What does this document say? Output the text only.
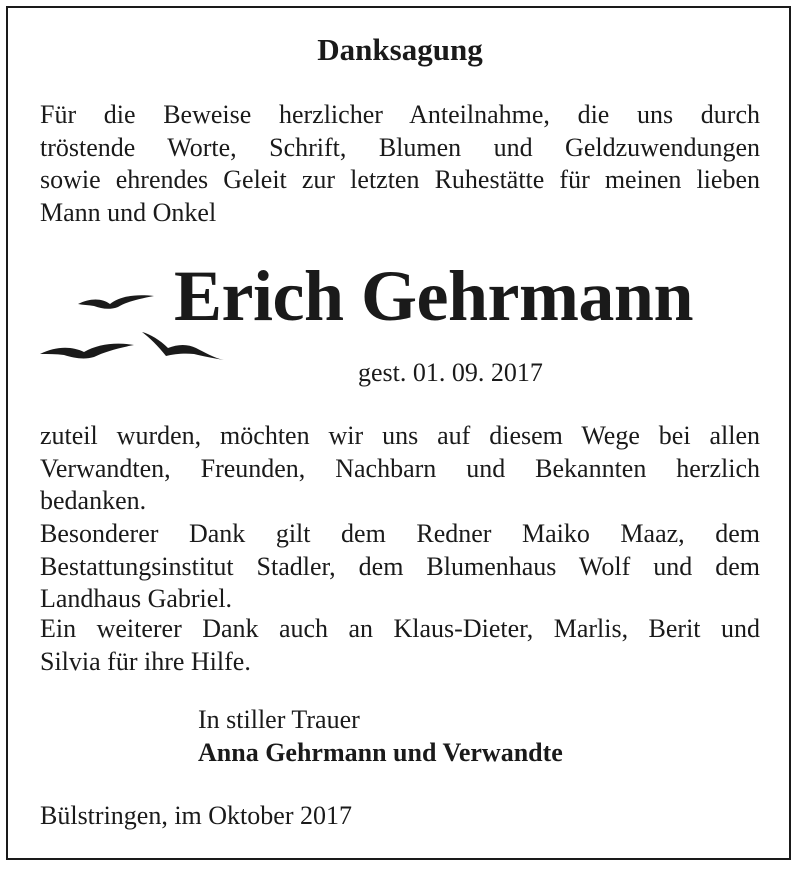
Danksagung
Für die Beweise herzlicher Anteilnahme, die uns durch
tröstende Worte, Schrift, Blumen und Geldzuwendungen
sowie ehrendes Geleit zur letzten Ruhestätte für meinen lieben
Mann und Onkel
Erich Gehrmann
gest. 01. 09. 2017
zuteil wurden, möchten wir uns auf diesem Wege bei allen
Verwandten, Freunden, Nachbarn und Bekannten herzlich
bedanken.
Besonderer Dank gilt dem Redner Maiko Maaz, dem
Bestattungsinstitut Stadler, dem Blumenhaus Wolf und dem
Landhaus Gabriel.
Ein weiterer Dank auch an Klaus-Dieter, Marlis, Berit und
Silvia für ihre Hilfe.
In stiller Trauer
Anna Gehrmann und Verwandte
Bülstringen, im Oktober 2017
